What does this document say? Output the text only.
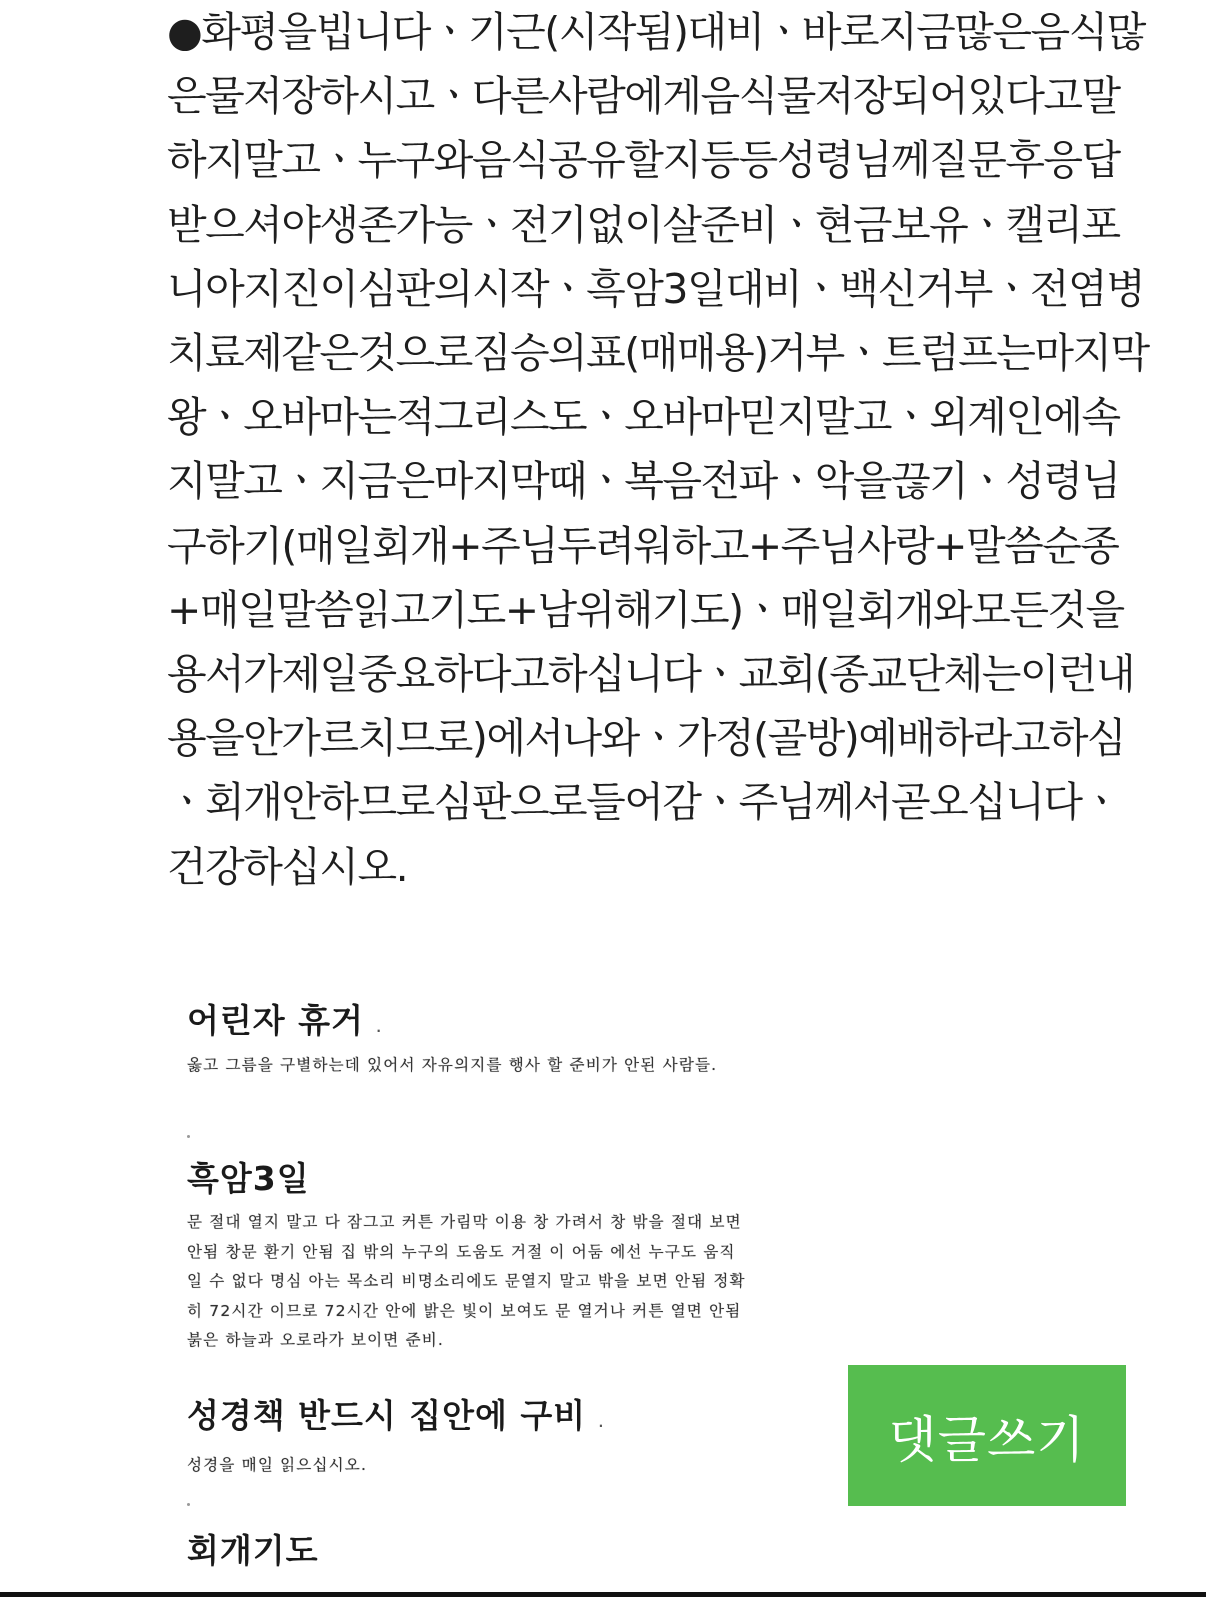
●화평을빕니다ㆍ기근(시작됨)대비ㆍ바로지금많은음식많은물저장하시고ㆍ다른사람에게음식물저장되어있다고말하지말고ㆍ누구와음식공유할지등등성령님께질문후응답받으셔야생존가능ㆍ전기없이살준비ㆍ현금보유ㆍ캘리포니아지진이심판의시작ㆍ흑암3일대비ㆍ백신거부ㆍ전염병치료제같은것으로짐승의표(매매용)거부ㆍ트럼프는마지막왕ㆍ오바마는적그리스도ㆍ오바마믿지말고ㆍ외계인에속지말고ㆍ지금은마지막때ㆍ복음전파ㆍ악을끊기ㆍ성령님구하기(매일회개+주님두려워하고+주님사랑+말씀순종+매일말씀읽고기도+남위해기도)ㆍ매일회개와모든것을용서가제일중요하다고하십니다ㆍ교회(종교단체는이런내용을안가르치므로)에서나와ㆍ가정(골방)예배하라고하심ㆍ회개안하므로심판으로들어감ㆍ주님께서곧오십니다ㆍ건강하십시오.

어린자 휴거 .

옳고 그름을 구별하는데 있어서 자유의지를 행사 할 준비가 안된 사람들.

흑암3일

문 절대 열지 말고 다 잠그고 커튼 가림막 이용 창 가려서 창 밖을 절대 보면 안됨 창문 환기 안됨 집 밖의 누구의 도움도 거절 이 어둠 에선 누구도 움직일 수 없다 명심 아는 목소리 비명소리에도 문열지 말고 밖을 보면 안됨 정확히 72시간 이므로 72시간 안에 밝은 빛이 보여도 문 열거나 커튼 열면 안됨 붉은 하늘과 오로라가 보이면 준비.

성경책 반드시 집안에 구비 .

성경을 매일 읽으십시오.

회개기도
댓글쓰기
